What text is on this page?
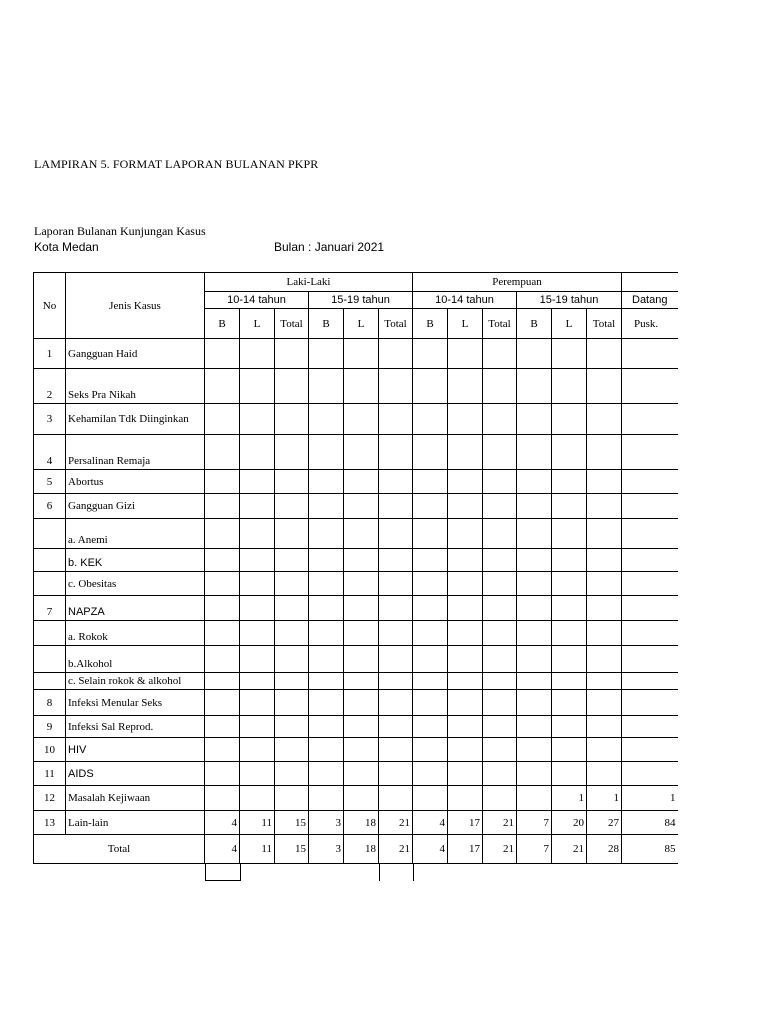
LAMPIRAN 5. FORMAT LAPORAN BULANAN PKPR
Laporan Bulanan Kunjungan Kasus
Kota Medan	Bulan : Januari 2021
No	Jenis Kasus	Laki-Laki						Perempuan						
		10-14 tahun			15-19 tahun			10-14 tahun			15-19 tahun			Datang
		B	L	Total	B	L	Total	B	L	Total	B	L	Total	Pusk.
1	Gangguan Haid													
2	Seks Pra Nikah													
3	Kehamilan Tdk Diinginkan													
4	Persalinan Remaja													
5	Abortus													
6	Gangguan Gizi													
	a. Anemi													
	b. KEK													
	c. Obesitas													
7	NAPZA													
	a. Rokok													
	b.Alkohol													
	c. Selain rokok & alkohol													
8	Infeksi Menular Seks													
9	Infeksi Sal Reprod.													
10	HIV													
11	AIDS													
12	Masalah Kejiwaan											1	1	1
13	Lain-lain	4	11	15	3	18	21	4	17	21	7	20	27	84
Total		4	11	15	3	18	21	4	17	21	7	21	28	85
